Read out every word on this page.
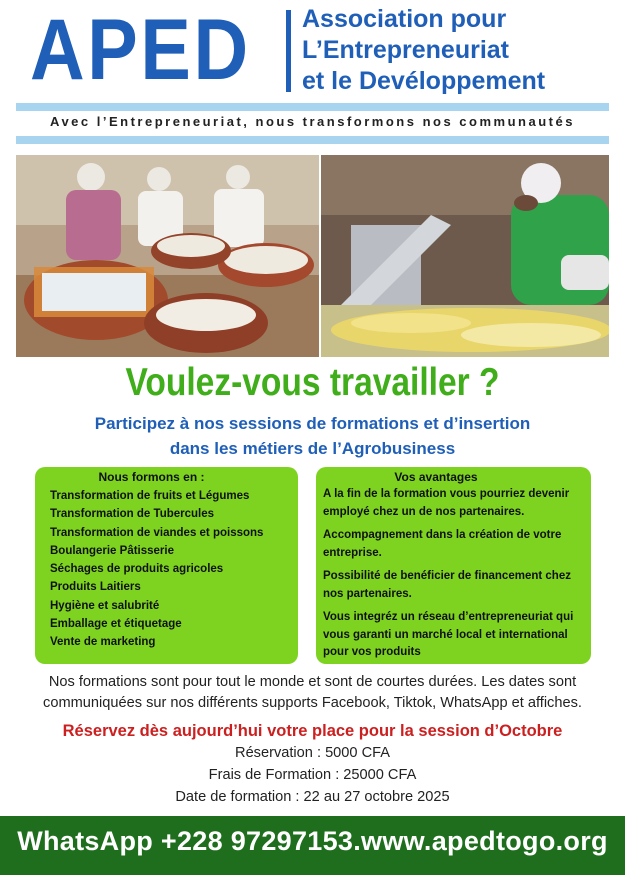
APED Association pour
L’Entrepreneuriat
et le Devéloppement
Avec l’Entrepreneuriat, nous transformons nos communautés
Voulez-vous travailler ?
Participez à nos sessions de formations et d’insertion
dans les métiers de l’Agrobusiness
Nous formons en :
Transformation de fruits et Légumes
Transformation de Tubercules
Transformation de viandes et poissons
Boulangerie Pâtisserie
Séchages de produits agricoles
Produits Laitiers
Hygiène et salubrité
Emballage et étiquetage
Vente de marketing
Vos avantages
A la fin de la formation vous pourriez devenir employé chez un de nos partenaires.
Accompagnement dans la création de votre entreprise.
Possibilité de benéficier de financement chez nos partenaires.
Vous integréz un réseau d’entrepreneuriat qui vous garanti un marché local et international pour vos produits
Nos formations sont pour tout le monde et sont de courtes durées. Les dates sont
communiquées sur nos différents supports Facebook, Tiktok, WhatsApp et affiches.
Réservez dès aujourd’hui votre place pour la session d’Octobre
Réservation : 5000 CFA
Frais de Formation : 25000 CFA
Date de formation : 22 au 27 octobre 2025
WhatsApp +228 97297153.www.apedtogo.org
